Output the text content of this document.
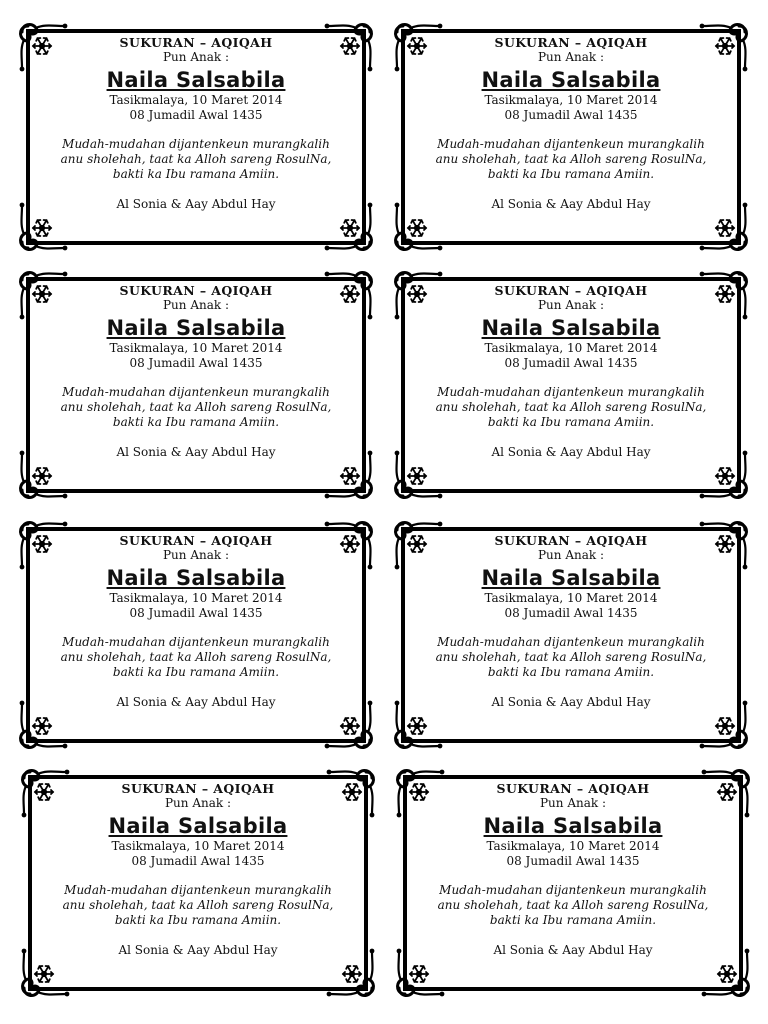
SUKURAN – AQIQAH
Pun Anak :
Naila Salsabila
Tasikmalaya, 10 Maret 2014
08 Jumadil Awal 1435
Mudah-mudahan dijantenkeun murangkalih
anu sholehah, taat ka Alloh sareng RosulNa,
bakti ka Ibu ramana Amiin.
Al Sonia & Aay Abdul Hay
SUKURAN – AQIQAH
Pun Anak :
Naila Salsabila
Tasikmalaya, 10 Maret 2014
08 Jumadil Awal 1435
Mudah-mudahan dijantenkeun murangkalih
anu sholehah, taat ka Alloh sareng RosulNa,
bakti ka Ibu ramana Amiin.
Al Sonia & Aay Abdul Hay
SUKURAN – AQIQAH
Pun Anak :
Naila Salsabila
Tasikmalaya, 10 Maret 2014
08 Jumadil Awal 1435
Mudah-mudahan dijantenkeun murangkalih
anu sholehah, taat ka Alloh sareng RosulNa,
bakti ka Ibu ramana Amiin.
Al Sonia & Aay Abdul Hay
SUKURAN – AQIQAH
Pun Anak :
Naila Salsabila
Tasikmalaya, 10 Maret 2014
08 Jumadil Awal 1435
Mudah-mudahan dijantenkeun murangkalih
anu sholehah, taat ka Alloh sareng RosulNa,
bakti ka Ibu ramana Amiin.
Al Sonia & Aay Abdul Hay
SUKURAN – AQIQAH
Pun Anak :
Naila Salsabila
Tasikmalaya, 10 Maret 2014
08 Jumadil Awal 1435
Mudah-mudahan dijantenkeun murangkalih
anu sholehah, taat ka Alloh sareng RosulNa,
bakti ka Ibu ramana Amiin.
Al Sonia & Aay Abdul Hay
SUKURAN – AQIQAH
Pun Anak :
Naila Salsabila
Tasikmalaya, 10 Maret 2014
08 Jumadil Awal 1435
Mudah-mudahan dijantenkeun murangkalih
anu sholehah, taat ka Alloh sareng RosulNa,
bakti ka Ibu ramana Amiin.
Al Sonia & Aay Abdul Hay
SUKURAN – AQIQAH
Pun Anak :
Naila Salsabila
Tasikmalaya, 10 Maret 2014
08 Jumadil Awal 1435
Mudah-mudahan dijantenkeun murangkalih
anu sholehah, taat ka Alloh sareng RosulNa,
bakti ka Ibu ramana Amiin.
Al Sonia & Aay Abdul Hay
SUKURAN – AQIQAH
Pun Anak :
Naila Salsabila
Tasikmalaya, 10 Maret 2014
08 Jumadil Awal 1435
Mudah-mudahan dijantenkeun murangkalih
anu sholehah, taat ka Alloh sareng RosulNa,
bakti ka Ibu ramana Amiin.
Al Sonia & Aay Abdul Hay
